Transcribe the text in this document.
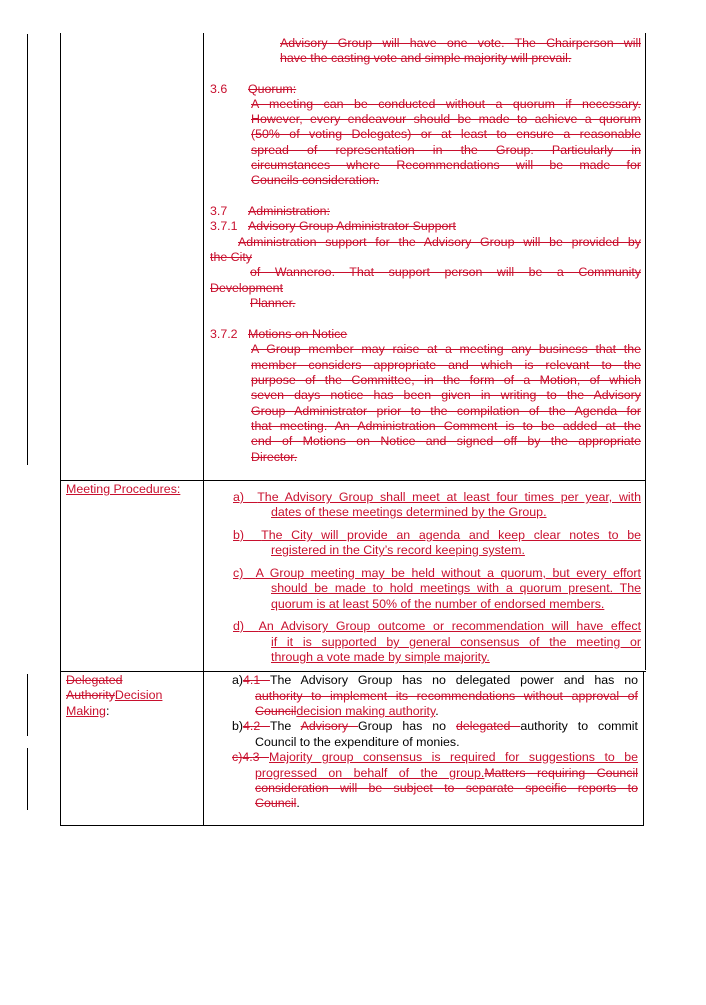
Advisory Group will have one vote. The Chairperson will
have the casting vote and simple majority will prevail.
3.6 Quorum:
A meeting can be conducted without a quorum if necessary.
However, every endeavour should be made to achieve a quorum
(50% of voting Delegates) or at least to ensure a reasonable
spread of representation in the Group. Particularly in
circumstances where Recommendations will be made for
Councils consideration.
3.7 Administration:
3.7.1 Advisory Group Administrator Support
Administration support for the Advisory Group will be provided by
the City
of Wanneroo. That support person will be a Community
Development
Planner.
3.7.2 Motions on Notice
A Group member may raise at a meeting any business that the
member considers appropriate and which is relevant to the
purpose of the Committee, in the form of a Motion, of which
seven days notice has been given in writing to the Advisory
Group Administrator prior to the compilation of the Agenda for
that meeting. An Administration Comment is to be added at the
end of Motions on Notice and signed off by the appropriate
Director.
Meeting Procedures:
a) The Advisory Group shall meet at least four times per year, with
dates of these meetings determined by the Group.
b) The City will provide an agenda and keep clear notes to be
registered in the City’s record keeping system.
c) A Group meeting may be held without a quorum, but every effort
should be made to hold meetings with a quorum present. The
quorum is at least 50% of the number of endorsed members.
d) An Advisory Group outcome or recommendation will have effect
if it is supported by general consensus of the meeting or
through a vote made by simple majority.
Delegated
AuthorityDecision
Making:
a)4.1 The Advisory Group has no delegated power and has no
authority to implement its recommendations without approval of
Councildecision making authority.
b)4.2 The Advisory Group has no delegated authority to commit
Council to the expenditure of monies.
c)4.3 Majority group consensus is required for suggestions to be
progressed on behalf of the group.Matters requiring Council
consideration will be subject to separate specific reports to
Council.
